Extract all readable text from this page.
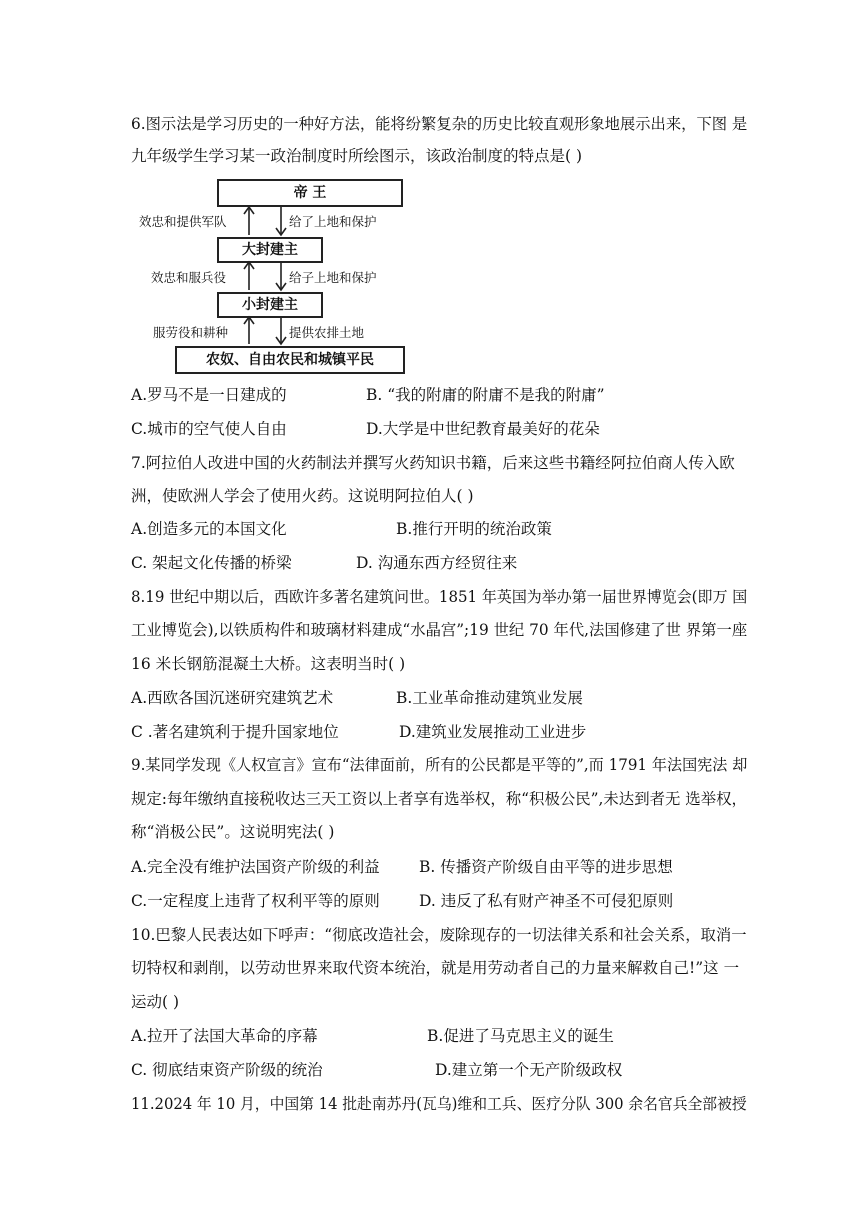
6.图示法是学习历史的一种好方法，能将纷繁复杂的历史比较直观形象地展示出来，下图 是
九年级学生学习某一政治制度时所绘图示，该政治制度的特点是( )
帝 王
大封建主
小封建主
农奴、自由农民和城镇平民
效忠和提供军队	给了上地和保护
效忠和服兵役	给子上地和保护
服劳役和耕种	提供农排土地
A.罗马不是一日建成的	B. “我的附庸的附庸不是我的附庸”
C.城市的空气使人自由	D.大学是中世纪教育最美好的花朵
7.阿拉伯人改进中国的火药制法并撰写火药知识书籍，后来这些书籍经阿拉伯商人传入欧
洲，使欧洲人学会了使用火药。这说明阿拉伯人( )
A.创造多元的本国文化	B.推行开明的统治政策
C. 架起文化传播的桥梁	D. 沟通东西方经贸往来
8.19 世纪中期以后，西欧许多著名建筑问世。1851 年英国为举办第一届世界博览会(即万 国
工业博览会),以铁质构件和玻璃材料建成“水晶宫”;19 世纪 70 年代,法国修建了世 界第一座
16 米长钢筋混凝土大桥。这表明当时( )
A.西欧各国沉迷研究建筑艺术	B.工业革命推动建筑业发展
C .著名建筑利于提升国家地位	D.建筑业发展推动工业进步
9.某同学发现《人权宣言》宣布“法律面前，所有的公民都是平等的”,而 1791 年法国宪法 却
规定:每年缴纳直接税收达三天工资以上者享有选举权，称“积极公民”,未达到者无 选举权，
称“消极公民”。这说明宪法( )
A.完全没有维护法国资产阶级的利益	B. 传播资产阶级自由平等的进步思想
C.一定程度上违背了权利平等的原则	D. 违反了私有财产神圣不可侵犯原则
10.巴黎人民表达如下呼声：“彻底改造社会，废除现存的一切法律关系和社会关系，取消一
切特权和剥削，以劳动世界来取代资本统治，就是用劳动者自己的力量来解救自己!”这 一
运动( )
A.拉开了法国大革命的序幕	B.促进了马克思主义的诞生
C. 彻底结束资产阶级的统治	D.建立第一个无产阶级政权
11.2024 年 10 月，中国第 14 批赴南苏丹(瓦乌)维和工兵、医疗分队 300 余名官兵全部被授
